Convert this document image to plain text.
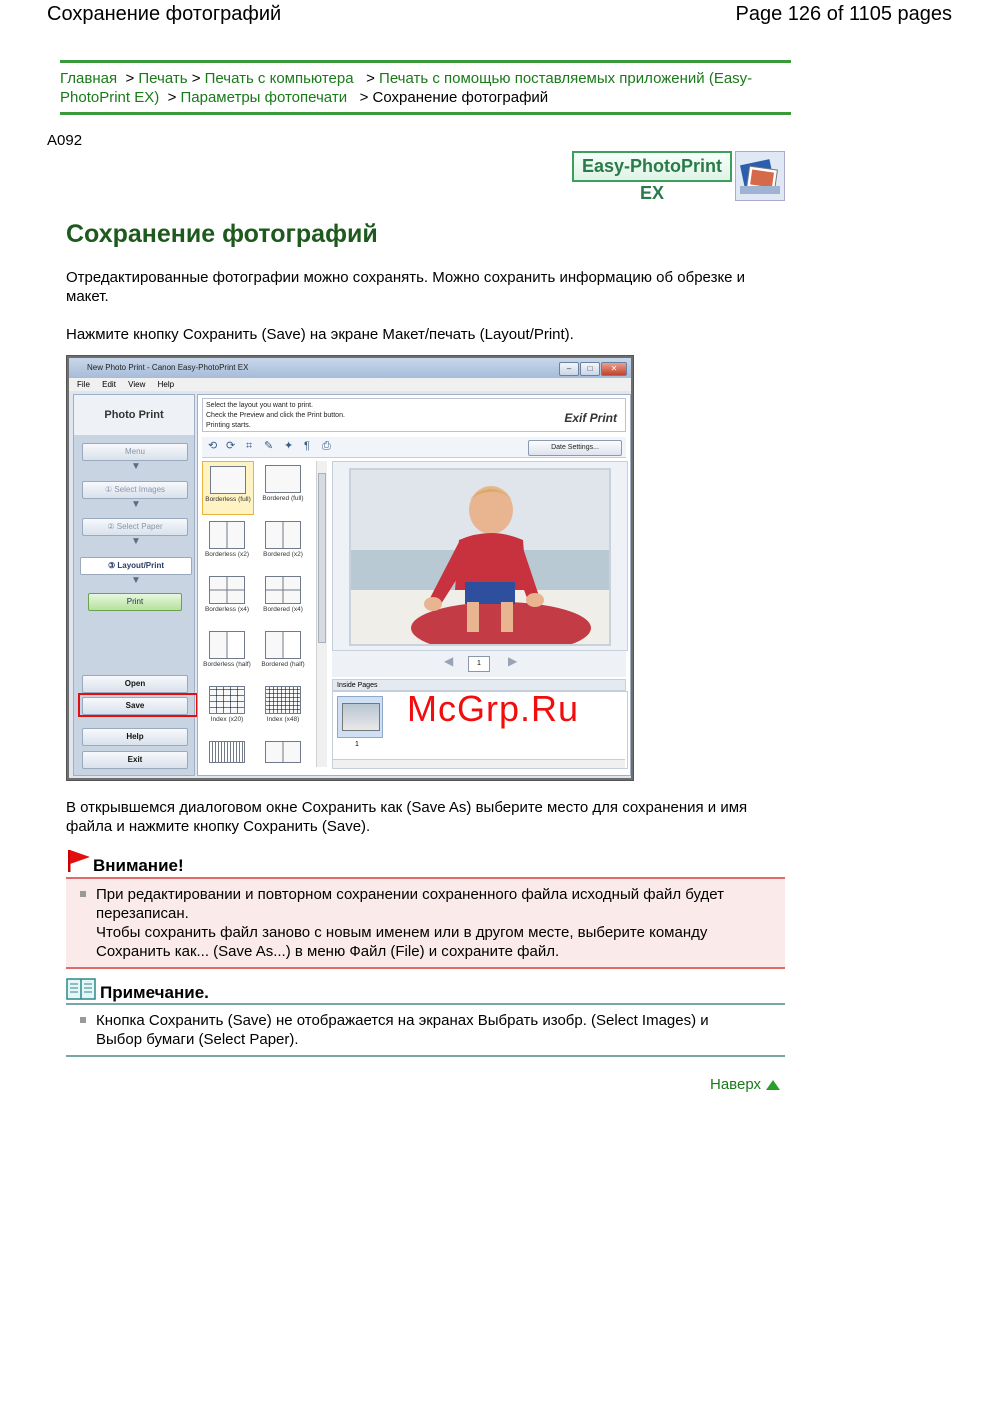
Сохранение фотографий	Page 126 of 1105 pages
Главная > Печать > Печать с компьютера > Печать с помощью поставляемых приложений (Easy-
PhotoPrint EX) > Параметры фотопечати > Сохранение фотографий
A092
Easy-PhotoPrint EX
Сохранение фотографий
Отредактированные фотографии можно сохранять. Можно сохранить информацию об обрезке и
макет.
Нажмите кнопку Сохранить (Save) на экране Макет/печать (Layout/Print).
New Photo Print - Canon Easy-PhotoPrint EX	–	□	✕
File Edit View Help
Photo Print
Menu
▼
① Select Images
▼
② Select Paper
▼
③ Layout/Print
▼
Print
Open
Save
Help
Exit
Select the layout you want to print.
Check the Preview and click the Print button.
Printing starts.
Exif Print
⟲ ⟳ ⌗	✎ ✦ ¶	⎙	Date Settings...
Borderless (full)	Bordered (full)
Borderless (x2)	Bordered (x2)
Borderless (x4)	Bordered (x4)
Borderless (half)	Bordered (half)
Index (x20)	Index (x48)
◀	1	▶
Inside Pages
1
McGrp.Ru
В открывшемся диалоговом окне Сохранить как (Save As) выберите место для сохранения и имя
файла и нажмите кнопку Сохранить (Save).
Внимание!
При редактировании и повторном сохранении сохраненного файла исходный файл будет
перезаписан.
Чтобы сохранить файл заново с новым именем или в другом месте, выберите команду
Сохранить как... (Save As...) в меню Файл (File) и сохраните файл.
Примечание.
Кнопка Сохранить (Save) не отображается на экранах Выбрать изобр. (Select Images) и
Выбор бумаги (Select Paper).
Наверх
